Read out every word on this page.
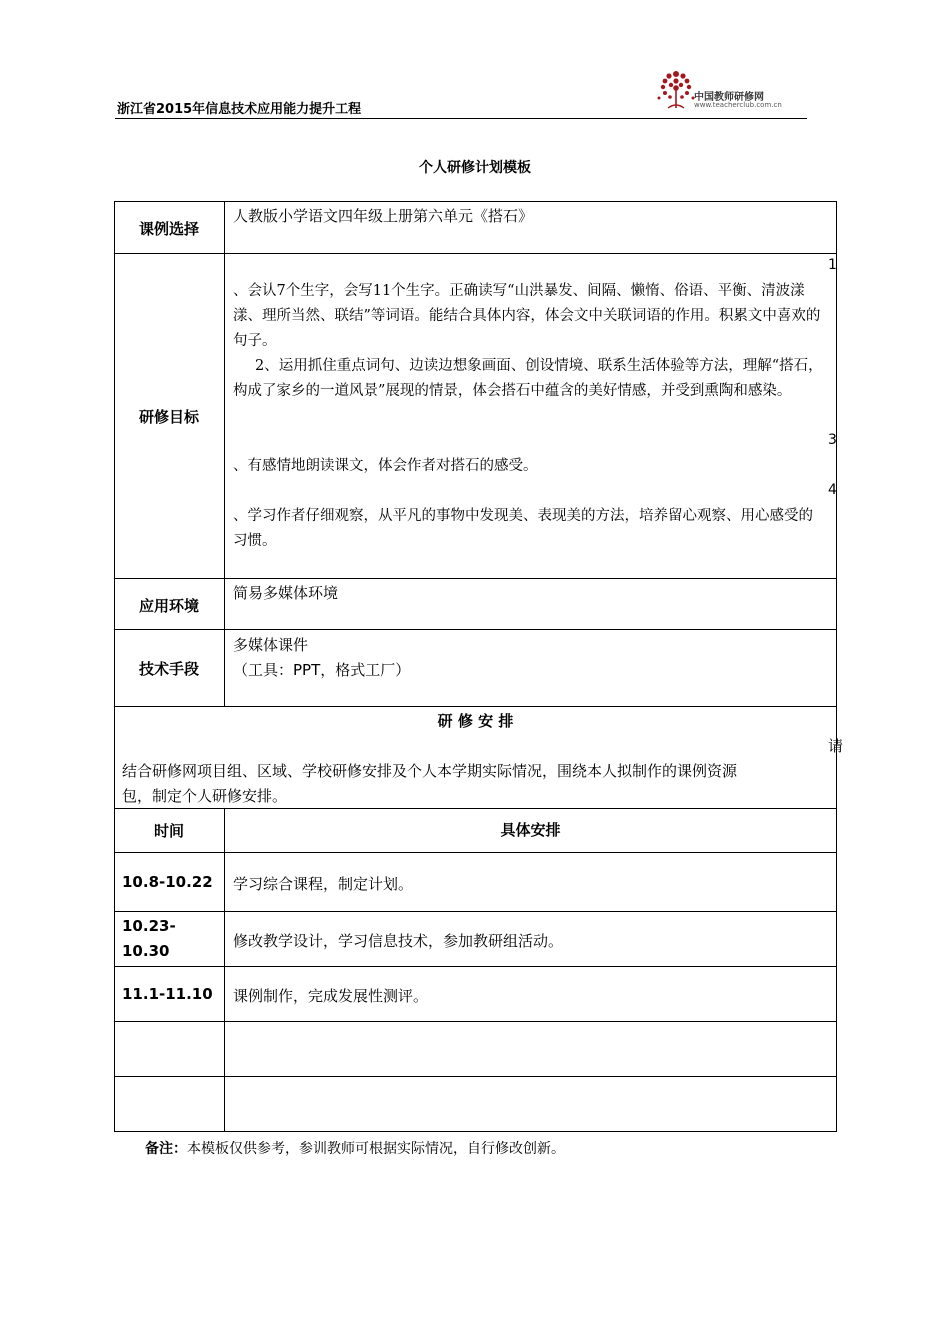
浙江省2015年信息技术应用能力提升工程
中国教师研修网
www.teacherclub.com.cn
个人研修计划模板
课例选择
人教版小学语文四年级上册第六单元《搭石》
研修目标
1
、会认7个生字，会写11个生字。正确读写“山洪暴发、间隔、懒惰、俗语、平衡、清波漾漾、理所当然、联结”等词语。能结合具体内容，体会文中关联词语的作用。积累文中喜欢的句子。
2、运用抓住重点词句、边读边想象画面、创设情境、联系生活体验等方法，理解“搭石，构成了家乡的一道风景”展现的情景，体会搭石中蕴含的美好情感，并受到熏陶和感染。
3
、有感情地朗读课文，体会作者对搭石的感受。
4
、学习作者仔细观察，从平凡的事物中发现美、表现美的方法，培养留心观察、用心感受的习惯。
应用环境
简易多媒体环境
技术手段
多媒体课件
（工具：PPT，格式工厂）
研 修 安 排
请
结合研修网项目组、区域、学校研修安排及个人本学期实际情况，围绕本人拟制作的课例资源
包，制定个人研修安排。
时间	具体安排
10.8-10.22 学习综合课程，制定计划。
10.23-
10.30
修改教学设计，学习信息技术，参加教研组活动。
11.1-11.10 课例制作，完成发展性测评。
备注：本模板仅供参考，参训教师可根据实际情况，自行修改创新。
